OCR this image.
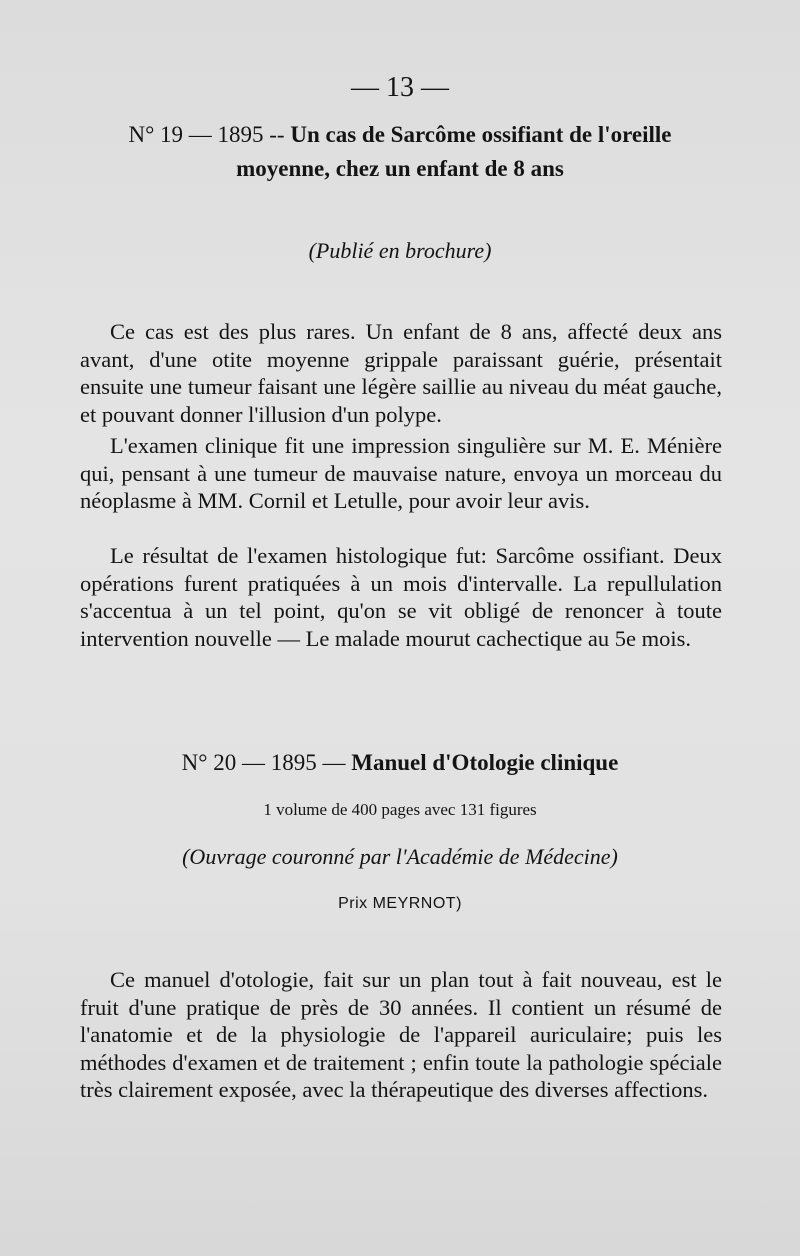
— 13 —
N° 19 — 1895 -- Un cas de Sarcôme ossifiant de l'oreille
moyenne, chez un enfant de 8 ans
(Publié en brochure)

Ce cas est des plus rares. Un enfant de 8 ans, affecté deux ans avant, d'une otite moyenne grippale paraissant guérie, présentait ensuite une tumeur faisant une légère saillie au niveau du méat gauche, et pouvant donner l'illusion d'un polype.

L'examen clinique fit une impression singulière sur M. E. Ménière qui, pensant à une tumeur de mauvaise nature, envoya un morceau du néoplasme à MM. Cornil et Letulle, pour avoir leur avis.

Le résultat de l'examen histologique fut: Sarcôme ossifiant. Deux opérations furent pratiquées à un mois d'intervalle. La repullulation s'accentua à un tel point, qu'on se vit obligé de renoncer à toute intervention nouvelle — Le malade mourut cachectique au 5e mois.

N° 20 — 1895 — Manuel d'Otologie clinique
1 volume de 400 pages avec 131 figures
(Ouvrage couronné par l'Académie de Médecine)
Prix MEYRNOT)

Ce manuel d'otologie, fait sur un plan tout à fait nouveau, est le fruit d'une pratique de près de 30 années. Il contient un résumé de l'anatomie et de la physiologie de l'appareil auriculaire; puis les méthodes d'examen et de traitement ; enfin toute la pathologie spéciale très clairement exposée, avec la thérapeutique des diverses affections.
